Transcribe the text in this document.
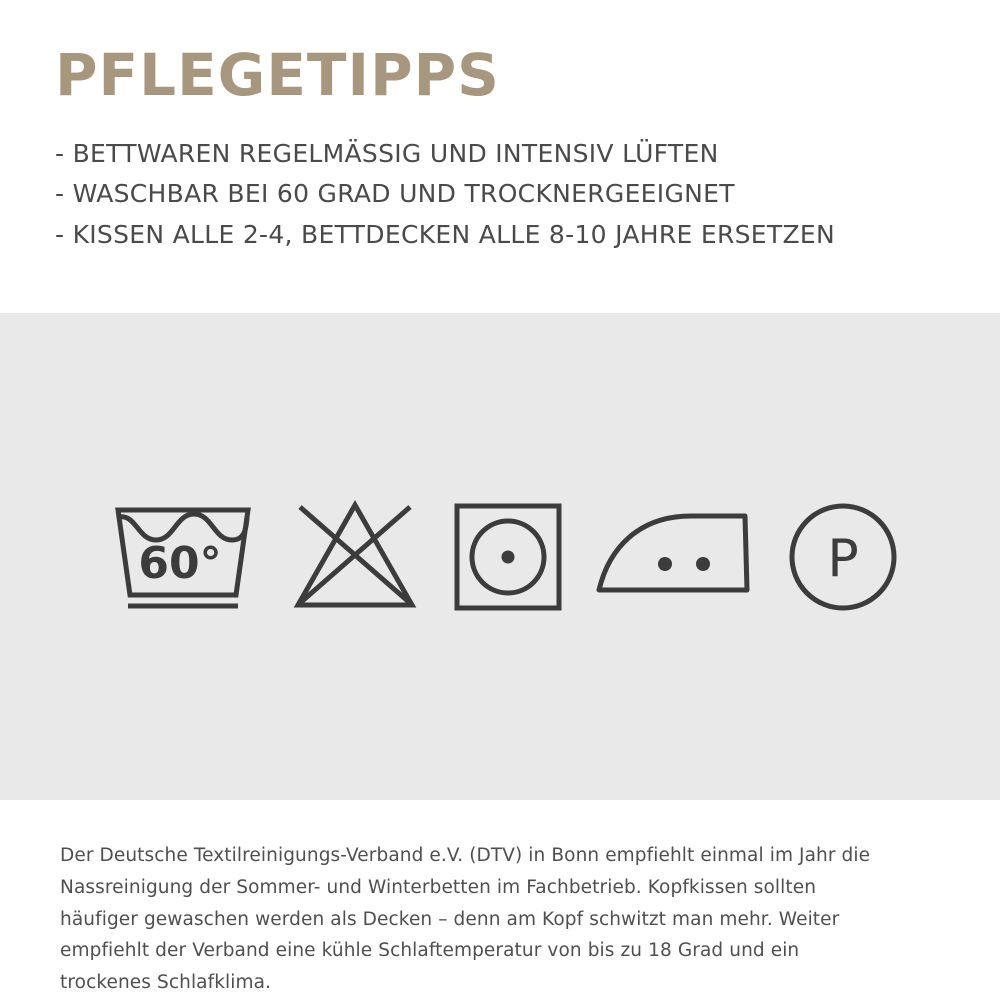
PFLEGETIPPS
- BETTWAREN REGELMÄSSIG UND INTENSIV LÜFTEN
- WASCHBAR BEI 60 GRAD UND TROCKNERGEEIGNET
- KISSEN ALLE 2-4, BETTDECKEN ALLE 8-10 JAHRE ERSETZEN
60°	P

Der Deutsche Textilreinigungs-Verband e.V. (DTV) in Bonn empfiehlt einmal im Jahr die Nassreinigung der Sommer- und Winterbetten im Fachbetrieb. Kopfkissen sollten häufiger gewaschen werden als Decken – denn am Kopf schwitzt man mehr. Weiter empfiehlt der Verband eine kühle Schlaftemperatur von bis zu 18 Grad und ein trockenes Schlafklima.
